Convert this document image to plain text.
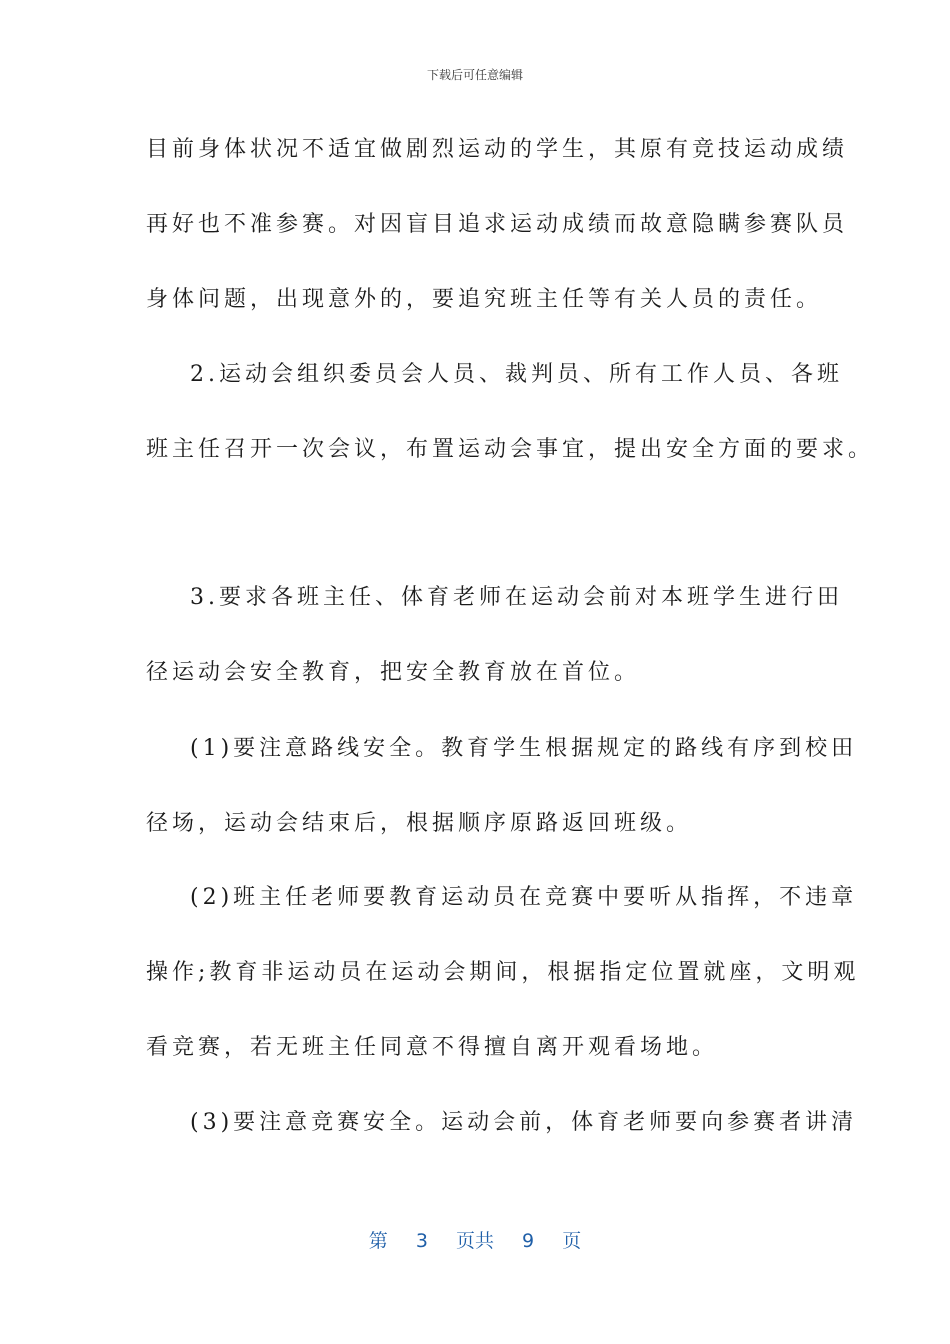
下载后可任意编辑
目前身体状况不适宜做剧烈运动的学生，其原有竞技运动成绩
再好也不准参赛。对因盲目追求运动成绩而故意隐瞒参赛队员
身体问题，出现意外的，要追究班主任等有关人员的责任。
2.运动会组织委员会人员、裁判员、所有工作人员、各班
班主任召开一次会议，布置运动会事宜，提出安全方面的要求。
3.要求各班主任、体育老师在运动会前对本班学生进行田
径运动会安全教育，把安全教育放在首位。
(1)要注意路线安全。教育学生根据规定的路线有序到校田
径场，运动会结束后，根据顺序原路返回班级。
(2)班主任老师要教育运动员在竞赛中要听从指挥，不违章
操作;教育非运动员在运动会期间，根据指定位置就座，文明观
看竞赛，若无班主任同意不得擅自离开观看场地。
(3)要注意竞赛安全。运动会前，体育老师要向参赛者讲清
第 3 页共 9 页
